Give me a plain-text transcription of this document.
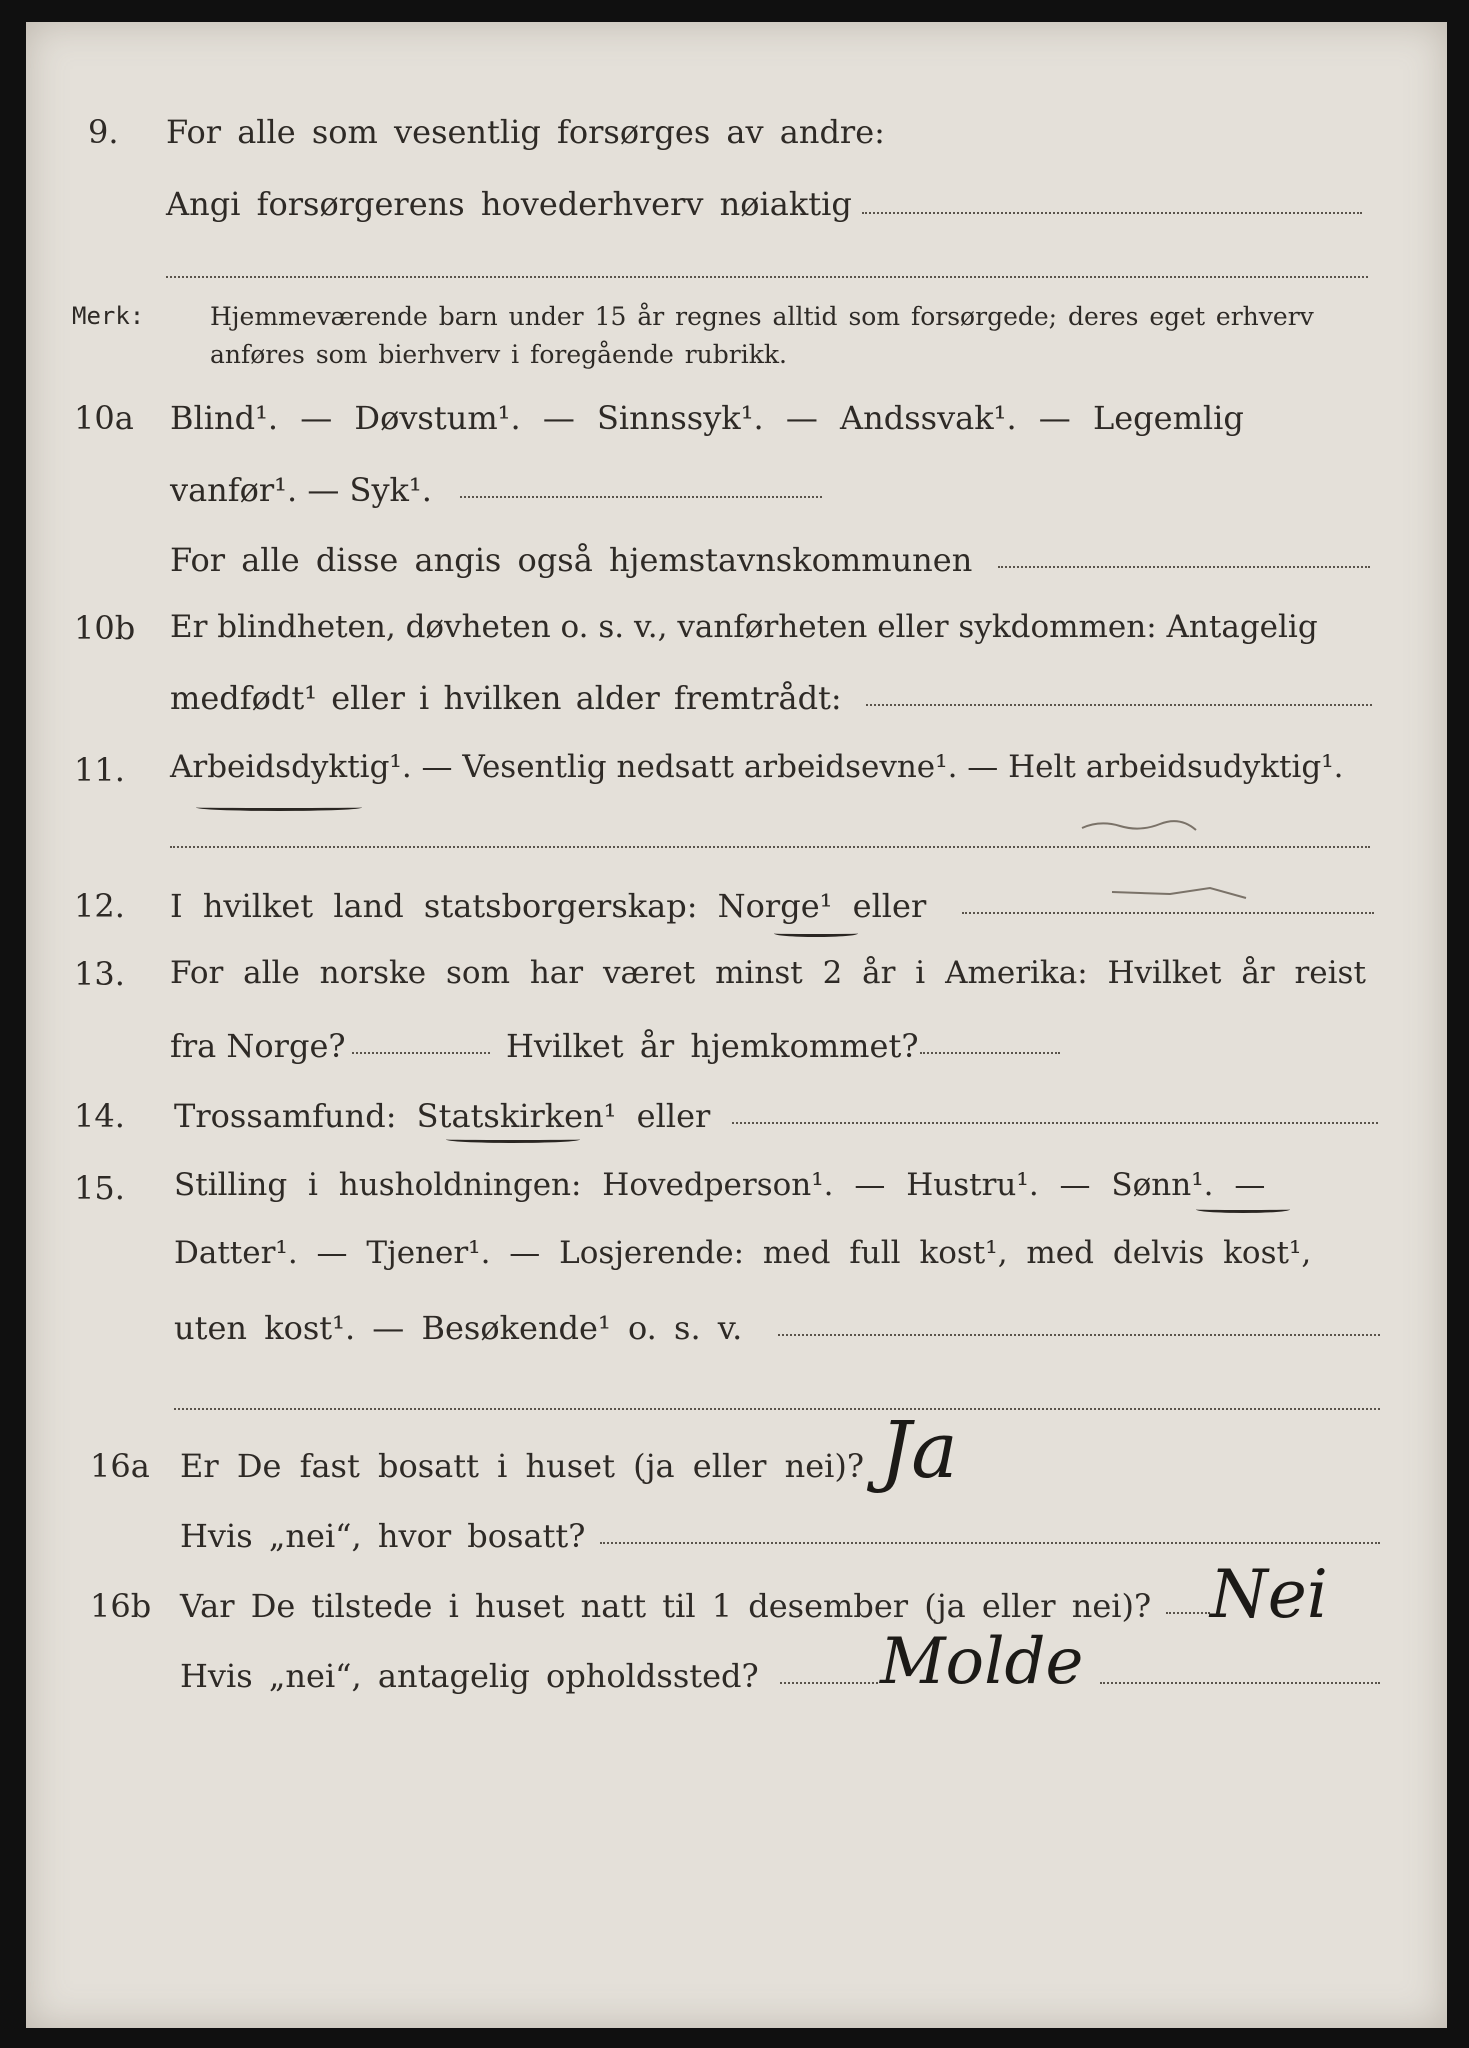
9. For alle som vesentlig forsørges av andre:
Angi forsørgerens hovederhverv nøiaktig
Merk:	Hjemmeværende barn under 15 år regnes alltid som forsørgede; deres eget erhverv
anføres som bierhverv i foregående rubrikk.
10a Blind¹. — Døvstum¹. — Sinnssyk¹. — Andssvak¹. — Legemlig
vanfør¹. — Syk¹.
For alle disse angis også hjemstavnskommunen
10b Er blindheten, døvheten o. s. v., vanførheten eller sykdommen: Antagelig
medfødt¹ eller i hvilken alder fremtrådt:
11. Arbeidsdyktig¹. — Vesentlig nedsatt arbeidsevne¹. — Helt arbeidsudyktig¹.
12. I hvilket land statsborgerskap: Norge¹ eller
13. For alle norske som har været minst 2 år i Amerika: Hvilket år reist
fra Norge?	Hvilket år hjemkommet?
14. Trossamfund: Statskirken¹ eller
15. Stilling i husholdningen: Hovedperson¹. — Hustru¹. — Sønn¹. —
Datter¹. — Tjener¹. — Losjerende: med full kost¹, med delvis kost¹,
uten kost¹. — Besøkende¹ o. s. v.
16a Er De fast bosatt i huset (ja eller nei)? Ja
Hvis „nei“, hvor bosatt?
16b Var De tilstede i huset natt til 1 desember (ja eller nei)? Nei
Hvis „nei“, antagelig opholdssted? Molde
